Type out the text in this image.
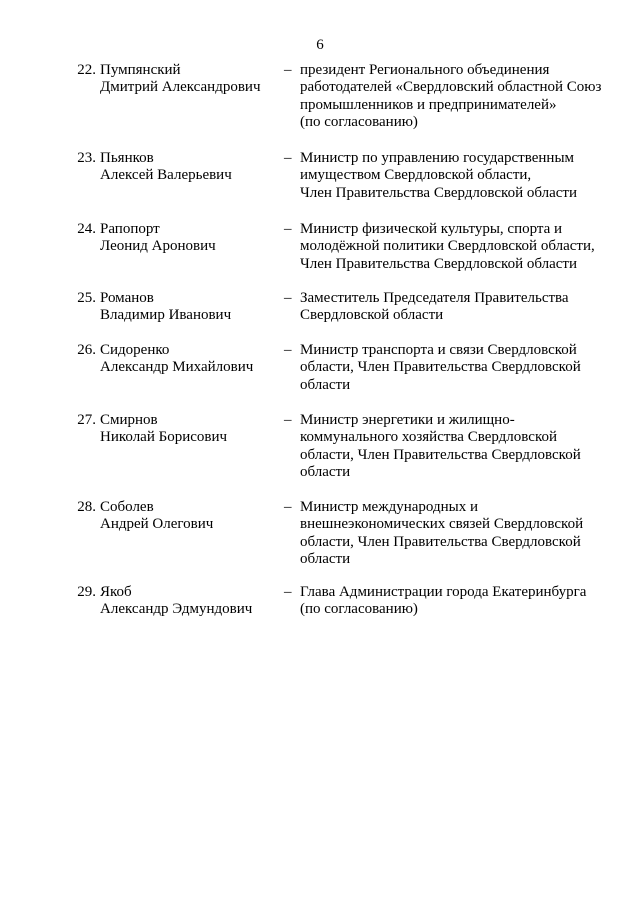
6
22. Пумпянский
Дмитрий Александрович
– президент Регионального объединения
работодателей «Свердловский областной Союз
промышленников и предпринимателей»
(по согласованию)
23. Пьянков
Алексей Валерьевич
– Министр по управлению государственным
имуществом Свердловской области,
Член Правительства Свердловской области
24. Рапопорт
Леонид Аронович
– Министр физической культуры, спорта и
молодёжной политики Свердловской области,
Член Правительства Свердловской области
25. Романов
Владимир Иванович
– Заместитель Председателя Правительства
Свердловской области
26. Сидоренко
Александр Михайлович
– Министр транспорта и связи Свердловской
области, Член Правительства Свердловской
области
27. Смирнов
Николай Борисович
– Министр энергетики и жилищно-
коммунального хозяйства Свердловской
области, Член Правительства Свердловской
области
28. Соболев
Андрей Олегович
– Министр международных и
внешнеэкономических связей Свердловской
области, Член Правительства Свердловской
области
29. Якоб
Александр Эдмундович
– Глава Администрации города Екатеринбурга
(по согласованию)
